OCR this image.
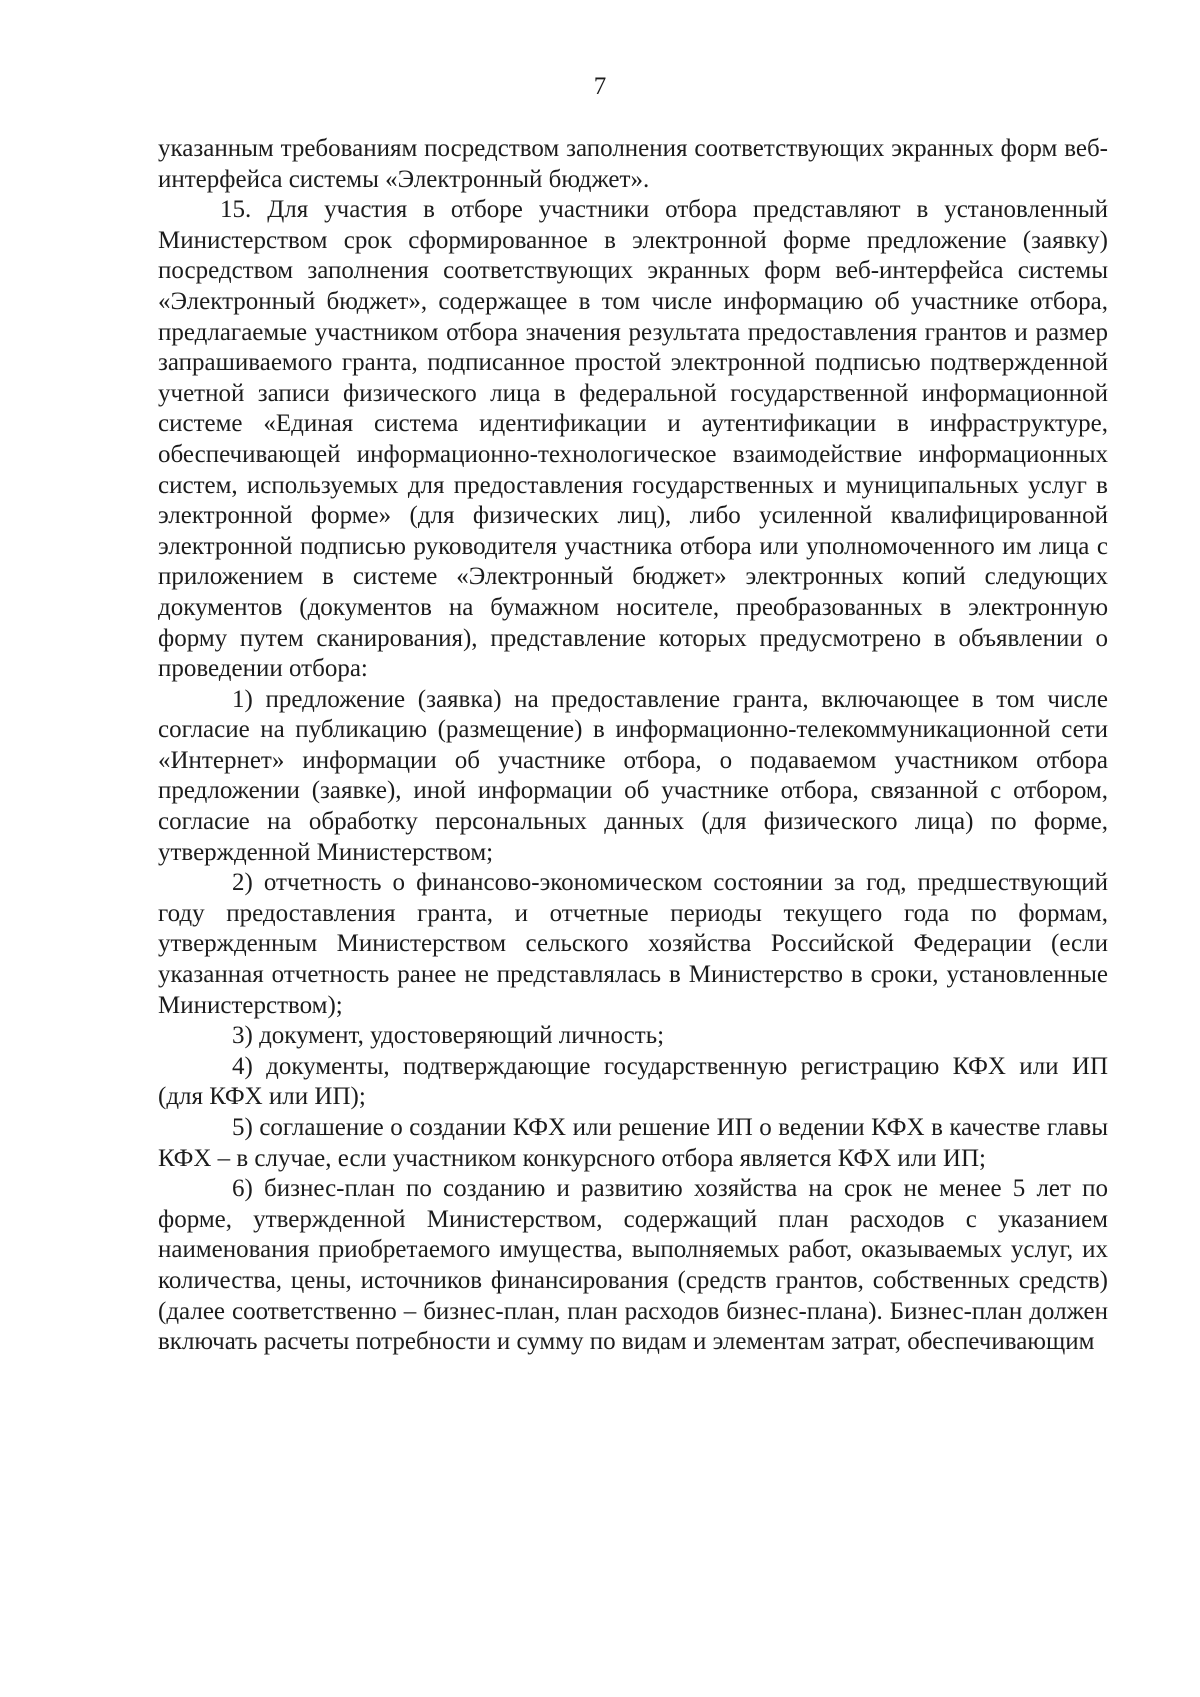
7

указанным требованиям посредством заполнения соответствующих экранных форм веб-интерфейса системы «Электронный бюджет».

15. Для участия в отборе участники отбора представляют в установленный Министерством срок сформированное в электронной форме предложение (заявку) посредством заполнения соответствующих экранных форм веб-интерфейса системы «Электронный бюджет», содержащее в том числе информацию об участнике отбора, предлагаемые участником отбора значения результата предоставления грантов и размер запрашиваемого гранта, подписанное простой электронной подписью подтвержденной учетной записи физического лица в федеральной государственной информационной системе «Единая система идентификации и аутентификации в инфраструктуре, обеспечивающей информационно-технологическое взаимодействие информационных систем, используемых для предоставления государственных и муниципальных услуг в электронной форме» (для физических лиц), либо усиленной квалифицированной электронной подписью руководителя участника отбора или уполномоченного им лица с приложением в системе «Электронный бюджет» электронных копий следующих документов (документов на бумажном носителе, преобразованных в электронную форму путем сканирования), представление которых предусмотрено в объявлении о проведении отбора:

1) предложение (заявка) на предоставление гранта, включающее в том числе согласие на публикацию (размещение) в информационно-телекоммуникационной сети «Интернет» информации об участнике отбора, о подаваемом участником отбора предложении (заявке), иной информации об участнике отбора, связанной с отбором, согласие на обработку персональных данных (для физического лица) по форме, утвержденной Министерством;

2) отчетность о финансово-экономическом состоянии за год, предшествующий году предоставления гранта, и отчетные периоды текущего года по формам, утвержденным Министерством сельского хозяйства Российской Федерации (если указанная отчетность ранее не представлялась в Министерство в сроки, установленные Министерством);

3) документ, удостоверяющий личность;

4) документы, подтверждающие государственную регистрацию КФХ или ИП (для КФХ или ИП);

5) соглашение о создании КФХ или решение ИП о ведении КФХ в качестве главы КФХ – в случае, если участником конкурсного отбора является КФХ или ИП;

6) бизнес-план по созданию и развитию хозяйства на срок не менее 5 лет по форме, утвержденной Министерством, содержащий план расходов с указанием наименования приобретаемого имущества, выполняемых работ, оказываемых услуг, их количества, цены, источников финансирования (средств грантов, собственных средств) (далее соответственно – бизнес-план, план расходов бизнес-плана). Бизнес-план должен включать расчеты потребности и сумму по видам и элементам затрат, обеспечивающим
